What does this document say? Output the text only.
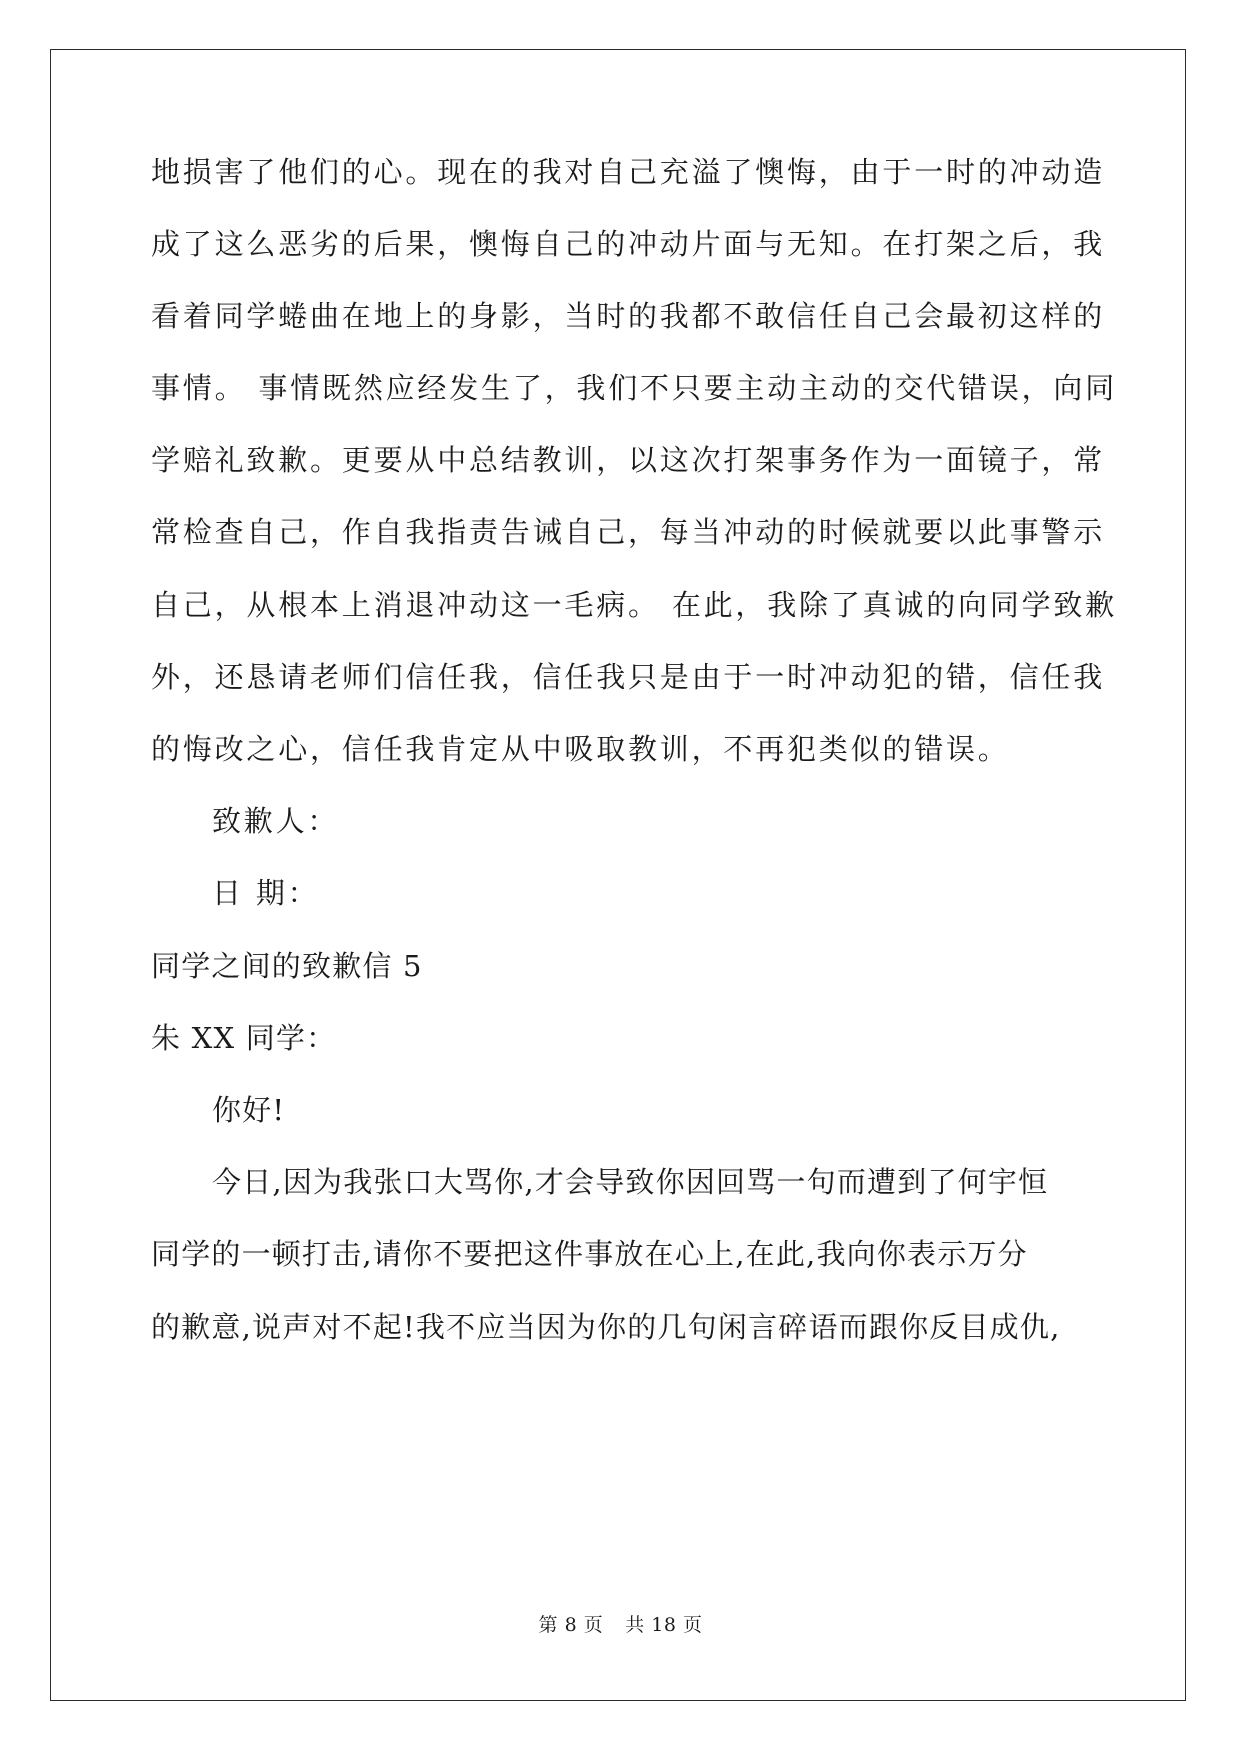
地损害了他们的心。现在的我对自己充溢了懊悔，由于一时的冲动造
成了这么恶劣的后果，懊悔自己的冲动片面与无知。在打架之后，我
看着同学蜷曲在地上的身影，当时的我都不敢信任自己会最初这样的
事情。 事情既然应经发生了，我们不只要主动主动的交代错误，向同
学赔礼致歉。更要从中总结教训，以这次打架事务作为一面镜子，常
常检查自己，作自我指责告诫自己，每当冲动的时候就要以此事警示
自己，从根本上消退冲动这一毛病。 在此，我除了真诚的向同学致歉
外，还恳请老师们信任我，信任我只是由于一时冲动犯的错，信任我
的悔改之心，信任我肯定从中吸取教训，不再犯类似的错误。
致歉人：
日 期：
同学之间的致歉信 5
朱 XX 同学：
你好!
今日,因为我张口大骂你,才会导致你因回骂一句而遭到了何宇恒
同学的一顿打击,请你不要把这件事放在心上,在此,我向你表示万分
的歉意,说声对不起!我不应当因为你的几句闲言碎语而跟你反目成仇,
第 8 页 共 18 页
